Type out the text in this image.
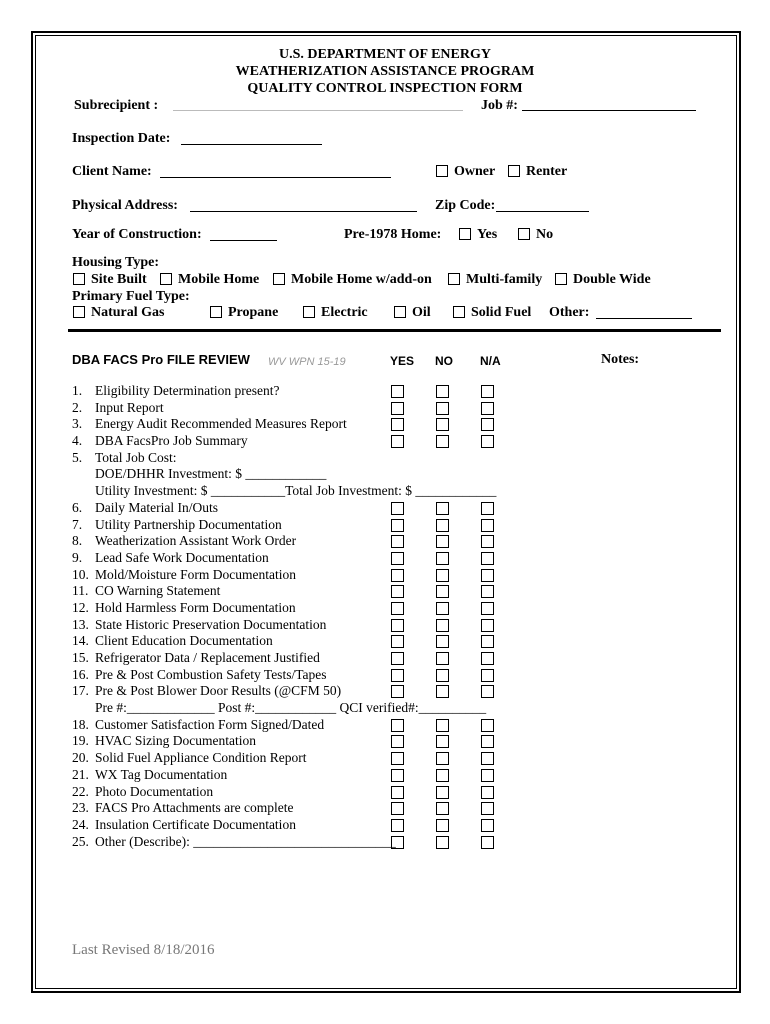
U.S. DEPARTMENT OF ENERGY
WEATHERIZATION ASSISTANCE PROGRAM
QUALITY CONTROL INSPECTION FORM
Subrecipient :	Job #:
Inspection Date:
Client Name:	Owner Renter
Physical Address:	Zip Code:
Year of Construction:	Pre-1978 Home:	Yes	No
Housing Type:
Site Built Mobile Home Mobile Home w/add-on Multi-family Double Wide
Primary Fuel Type:
Natural Gas	Propane	Electric	Oil	Solid Fuel Other:
DBA FACS Pro FILE REVIEW WV WPN 15-19	YES NO N/A	Notes:
1. Eligibility Determination present?
2. Input Report
3. Energy Audit Recommended Measures Report
4. DBA FacsPro Job Summary
5. Total Job Cost:
DOE/DHHR Investment: $ ____________
Utility Investment: $ ___________Total Job Investment: $ ____________
6. Daily Material In/Outs
7. Utility Partnership Documentation
8. Weatherization Assistant Work Order
9. Lead Safe Work Documentation
10. Mold/Moisture Form Documentation
11. CO Warning Statement
12. Hold Harmless Form Documentation
13. State Historic Preservation Documentation
14. Client Education Documentation
15. Refrigerator Data / Replacement Justified
16. Pre & Post Combustion Safety Tests/Tapes
17. Pre & Post Blower Door Results (@CFM 50)
Pre #:_____________ Post #:____________ QCI verified#:__________
18. Customer Satisfaction Form Signed/Dated
19. HVAC Sizing Documentation
20. Solid Fuel Appliance Condition Report
21. WX Tag Documentation
22. Photo Documentation
23. FACS Pro Attachments are complete
24. Insulation Certificate Documentation
25. Other (Describe): ______________________________
Last Revised 8/18/2016
